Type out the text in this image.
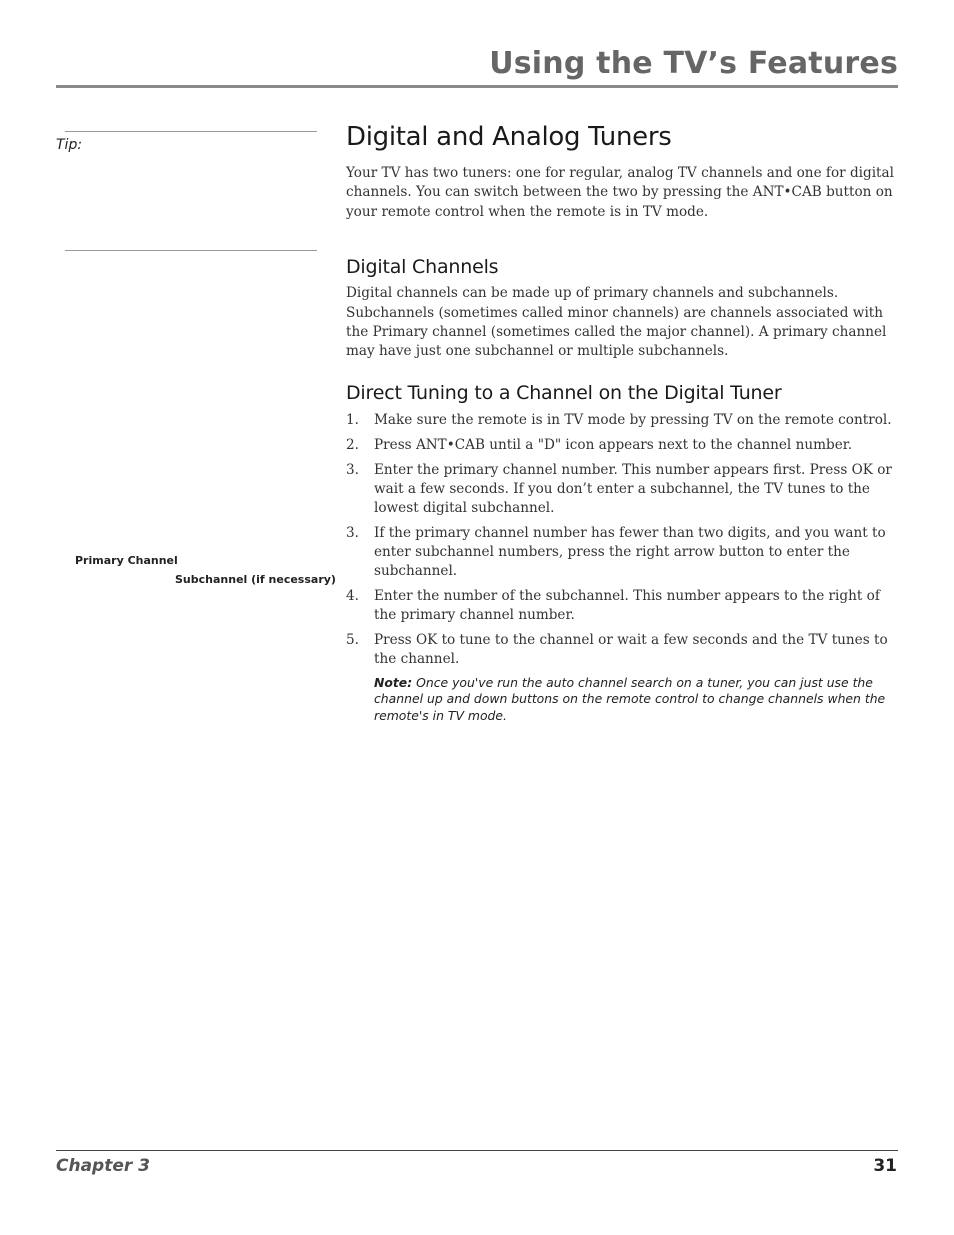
Using the TV’s Features
Tip:
Primary Channel
Subchannel (if necessary)
Digital and Analog Tuners

Your TV has two tuners: one for regular, analog TV channels and one for digital channels. You can switch between the two by pressing the ANT•CAB button on your remote control when the remote is in TV mode.

Digital Channels

Digital channels can be made up of primary channels and subchannels. Subchannels (sometimes called minor channels) are channels associated with the Primary channel (sometimes called the major channel). A primary channel may have just one subchannel or multiple subchannels.

Direct Tuning to a Channel on the Digital Tuner
1. Make sure the remote is in TV mode by pressing TV on the remote control.
2. Press ANT•CAB until a "D" icon appears next to the channel number.
3. Enter the primary channel number. This number appears first. Press OK or wait a few seconds. If you don’t enter a subchannel, the TV tunes to the lowest digital subchannel.
3. If the primary channel number has fewer than two digits, and you want to enter subchannel numbers, press the right arrow button to enter the subchannel.
4. Enter the number of the subchannel. This number appears to the right of the primary channel number.
5. Press OK to tune to the channel or wait a few seconds and the TV tunes to the channel.
Note: Once you've run the auto channel search on a tuner, you can just use the channel up and down buttons on the remote control to change channels when the remote's in TV mode.
Chapter 3	31
